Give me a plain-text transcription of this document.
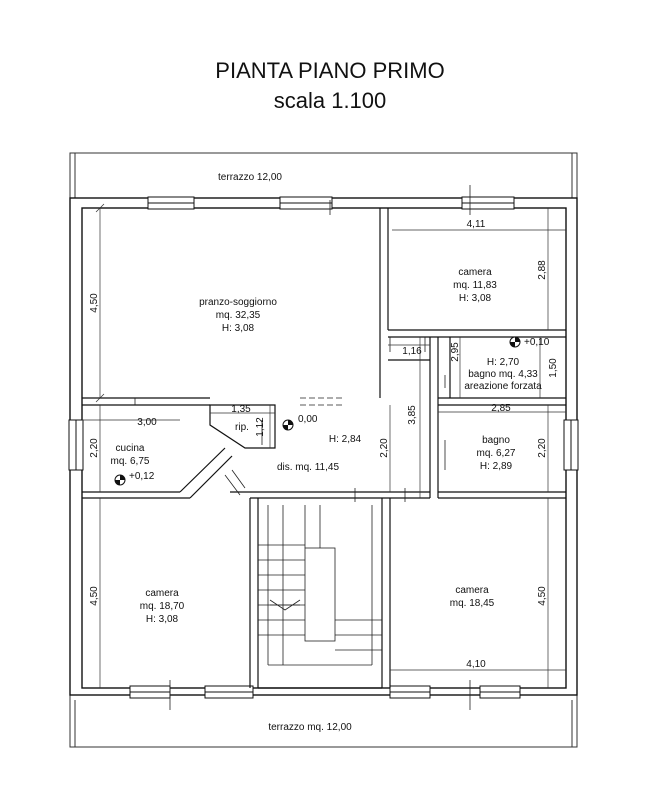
PIANTA PIANO PRIMO
scala 1.100
terrazzo 12,00
terrazzo mq. 12,00
pranzo-soggiorno
mq. 32,35
H: 3,08
camera
mq. 11,83
H: 3,08
H: 2,70
bagno mq. 4,33
areazione forzata
bagno
mq. 6,27
H: 2,89
cucina
mq. 6,75
rip.
H: 2,84
dis. mq. 11,45
camera
mq. 18,70
H: 3,08
camera
mq. 18,45
0,00
+0,12
+0,10
4,50
4,11
2,88
1,16	2,95
1,50
1,35
1,12
3,00
2,20	2,20
3,85	2,85
2,20
4,50	4,50
4,10
